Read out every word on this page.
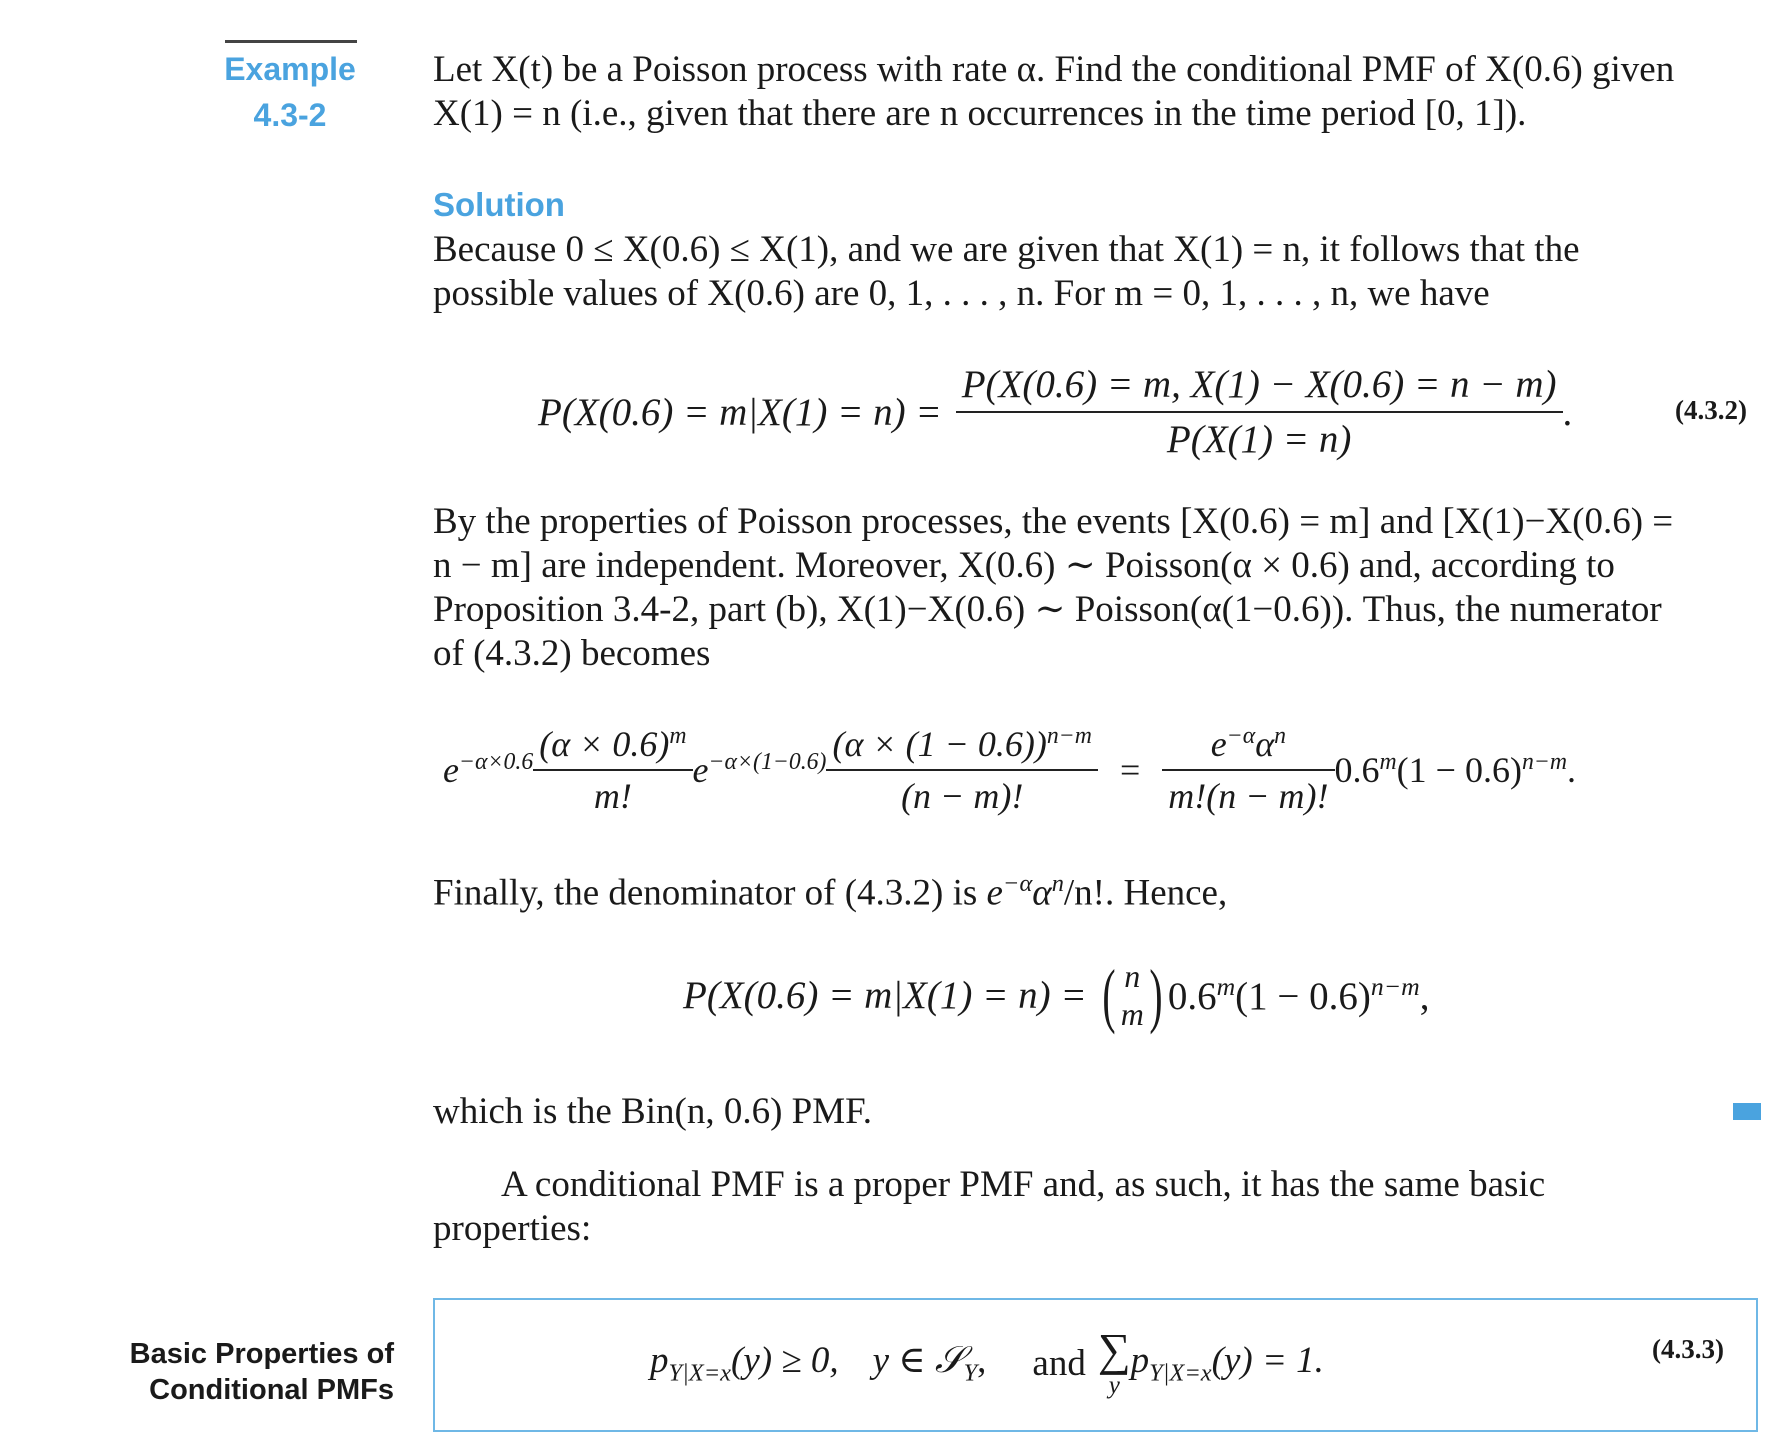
Example
4.3-2
Let X(t) be a Poisson process with rate α. Find the conditional PMF of X(0.6) given
X(1) = n (i.e., given that there are n occurrences in the time period [0, 1]).
Solution
Because 0 ≤ X(0.6) ≤ X(1), and we are given that X(1) = n, it follows that the
possible values of X(0.6) are 0, 1, . . . , n. For m = 0, 1, . . . , n, we have
$P(X(0.6) = m|X(1) = n) = \frac{P(X(0.6) = m, X(1) - X(0.6) = n - m)}{P(X(1) = n)}$ .	(4.3.2)
By the properties of Poisson processes, the events [X(0.6) = m] and [X(1)−X(0.6) =
n − m] are independent. Moreover, X(0.6) ∼ Poisson(α × 0.6) and, according to
Proposition 3.4-2, part (b), X(1)−X(0.6) ∼ Poisson(α(1−0.6)). Thus, the numerator
of (4.3.2) becomes
$e^{-\alpha\times 0.6} \frac{(\alpha \times 0.6)^m}{m!} e^{-\alpha\times(1-0.6)} \frac{(\alpha \times (1 - 0.6))^{n-m}}{(n - m)!} = \frac{e^{-\alpha}\alpha^n}{m!(n - m)!} 0.6^m(1 - 0.6)^{n-m}$.
Finally, the denominator of (4.3.2) is $e^{-\alpha}\alpha^n/n$!. Hence,
P(X(0.6) = m|X(1) = n) = ( n
m ) $0.6^m(1 - 0.6)^{n-m}$,
which is the Bin(n, 0.6) PMF.
A conditional PMF is a proper PMF and, as such, it has the same basic
properties:
Basic Properties of
Conditional PMFs
$p_{Y|X=x}(y) \ge 0$, y ∈ 𝒮$_Y$, and ∑
y
$p_{Y|X=x}(y) = 1$.	(4.3.3)
